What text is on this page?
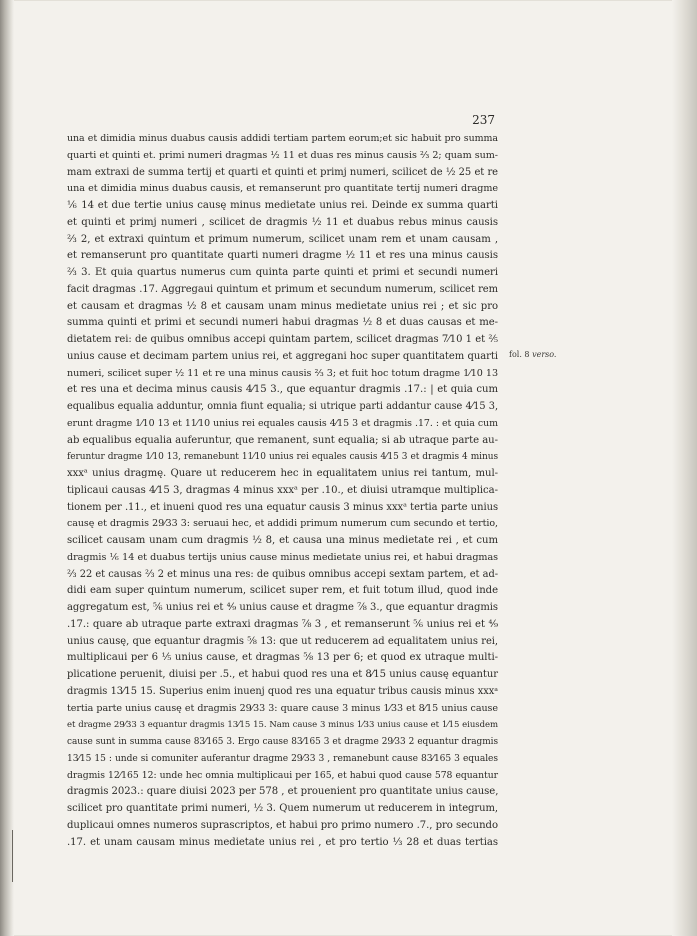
237
una et dimidia minus duabus causis addidi tertiam partem eorum;et sic habuit pro summa
quarti et quinti et. primi numeri dragmas ½ 11 et duas res minus causis ⅔ 2; quam sum-
mam extraxi de summa tertij et quarti et quinti et primj numeri, scilicet de ½ 25 et re
una et dimidia minus duabus causis, et remanserunt pro quantitate tertij numeri dragme
⅙ 14 et due tertie unius causę minus medietate unius rei. Deinde ex summa quarti
et quinti et primj numeri , scilicet de dragmis ½ 11 et duabus rebus minus causis
⅔ 2, et extraxi quintum et primum numerum, scilicet unam rem et unam causam ,
et remanserunt pro quantitate quarti numeri dragme ½ 11 et res una minus causis
⅔ 3. Et quia quartus numerus cum quinta parte quinti et primi et secundi numeri
facit dragmas .17. Aggregaui quintum et primum et secundum numerum, scilicet rem
et causam et dragmas ½ 8 et causam unam minus medietate unius rei ; et sic pro
summa quinti et primi et secundi numeri habui dragmas ½ 8 et duas causas et me-
dietatem rei: de quibus omnibus accepi quintam partem, scilicet dragmas 7⁄10 1 et ⅖
unius cause et decimam partem unius rei, et aggregani hoc super quantitatem quarti
numeri, scilicet super ½ 11 et re una minus causis ⅔ 3; et fuit hoc totum dragme 1⁄10 13
et res una et decima minus causis 4⁄15 3., que equantur dragmis .17.: | et quia cum
equalibus equalia adduntur, omnia fiunt equalia; si utrique parti addantur cause 4⁄15 3,
erunt dragme 1⁄10 13 et 11⁄10 unius rei equales causis 4⁄15 3 et dragmis .17. : et quia cum
ab equalibus equalia auferuntur, que remanent, sunt equalia; si ab utraque parte au-
feruntur dragme 1⁄10 13, remanebunt 11⁄10 unius rei equales causis 4⁄15 3 et dragmis 4 minus
xxxᵃ unius dragmę. Quare ut reducerem hec in equalitatem unius rei tantum, mul-
tiplicaui causas 4⁄15 3, dragmas 4 minus xxxᵃ per .10., et diuisi utramque multiplica-
tionem per .11., et inueni quod res una equatur causis 3 minus xxxᵃ tertia parte unius
causę et dragmis 29⁄33 3: seruaui hec, et addidi primum numerum cum secundo et tertio,
scilicet causam unam cum dragmis ½ 8, et causa una minus medietate rei , et cum
dragmis ⅙ 14 et duabus tertijs unius cause minus medietate unius rei, et habui dragmas
⅔ 22 et causas ⅔ 2 et minus una res: de quibus omnibus accepi sextam partem, et ad-
didi eam super quintum numerum, scilicet super rem, et fuit totum illud, quod inde
aggregatum est, ⅚ unius rei et ⁴⁄₉ unius cause et dragme ⅞ 3., que equantur dragmis
.17.: quare ab utraque parte extraxi dragmas ⅞ 3 , et remanserunt ⅚ unius rei et ⁴⁄₉
unius causę, que equantur dragmis ⅝ 13: que ut reducerem ad equalitatem unius rei,
multiplicaui per 6 ⅕ unius cause, et dragmas ⅝ 13 per 6; et quod ex utraque multi-
plicatione peruenit, diuisi per .5., et habui quod res una et 8⁄15 unius causę equantur
dragmis 13⁄15 15. Superius enim inuenj quod res una equatur tribus causis minus xxxᵃ
tertia parte unius causę et dragmis 29⁄33 3: quare cause 3 minus 1⁄33 et 8⁄15 unius cause
et dragme 29⁄33 3 equantur dragmis 13⁄15 15. Nam cause 3 minus 1⁄33 unius cause et 1⁄15 eiusdem
cause sunt in summa cause 83⁄165 3. Ergo cause 83⁄165 3 et dragme 29⁄33 2 equantur dragmis
13⁄15 15 : unde si comuniter auferantur dragme 29⁄33 3 , remanebunt cause 83⁄165 3 equales
dragmis 12⁄165 12: unde hec omnia multiplicaui per 165, et habui quod cause 578 equantur
dragmis 2023.: quare diuisi 2023 per 578 , et prouenient pro quantitate unius cause,
scilicet pro quantitate primi numeri, ½ 3. Quem numerum ut reducerem in integrum,
duplicaui omnes numeros suprascriptos, et habui pro primo numero .7., pro secundo
.17. et unam causam minus medietate unius rei , et pro tertio ⅓ 28 et duas tertias
fol. 8 verso.
